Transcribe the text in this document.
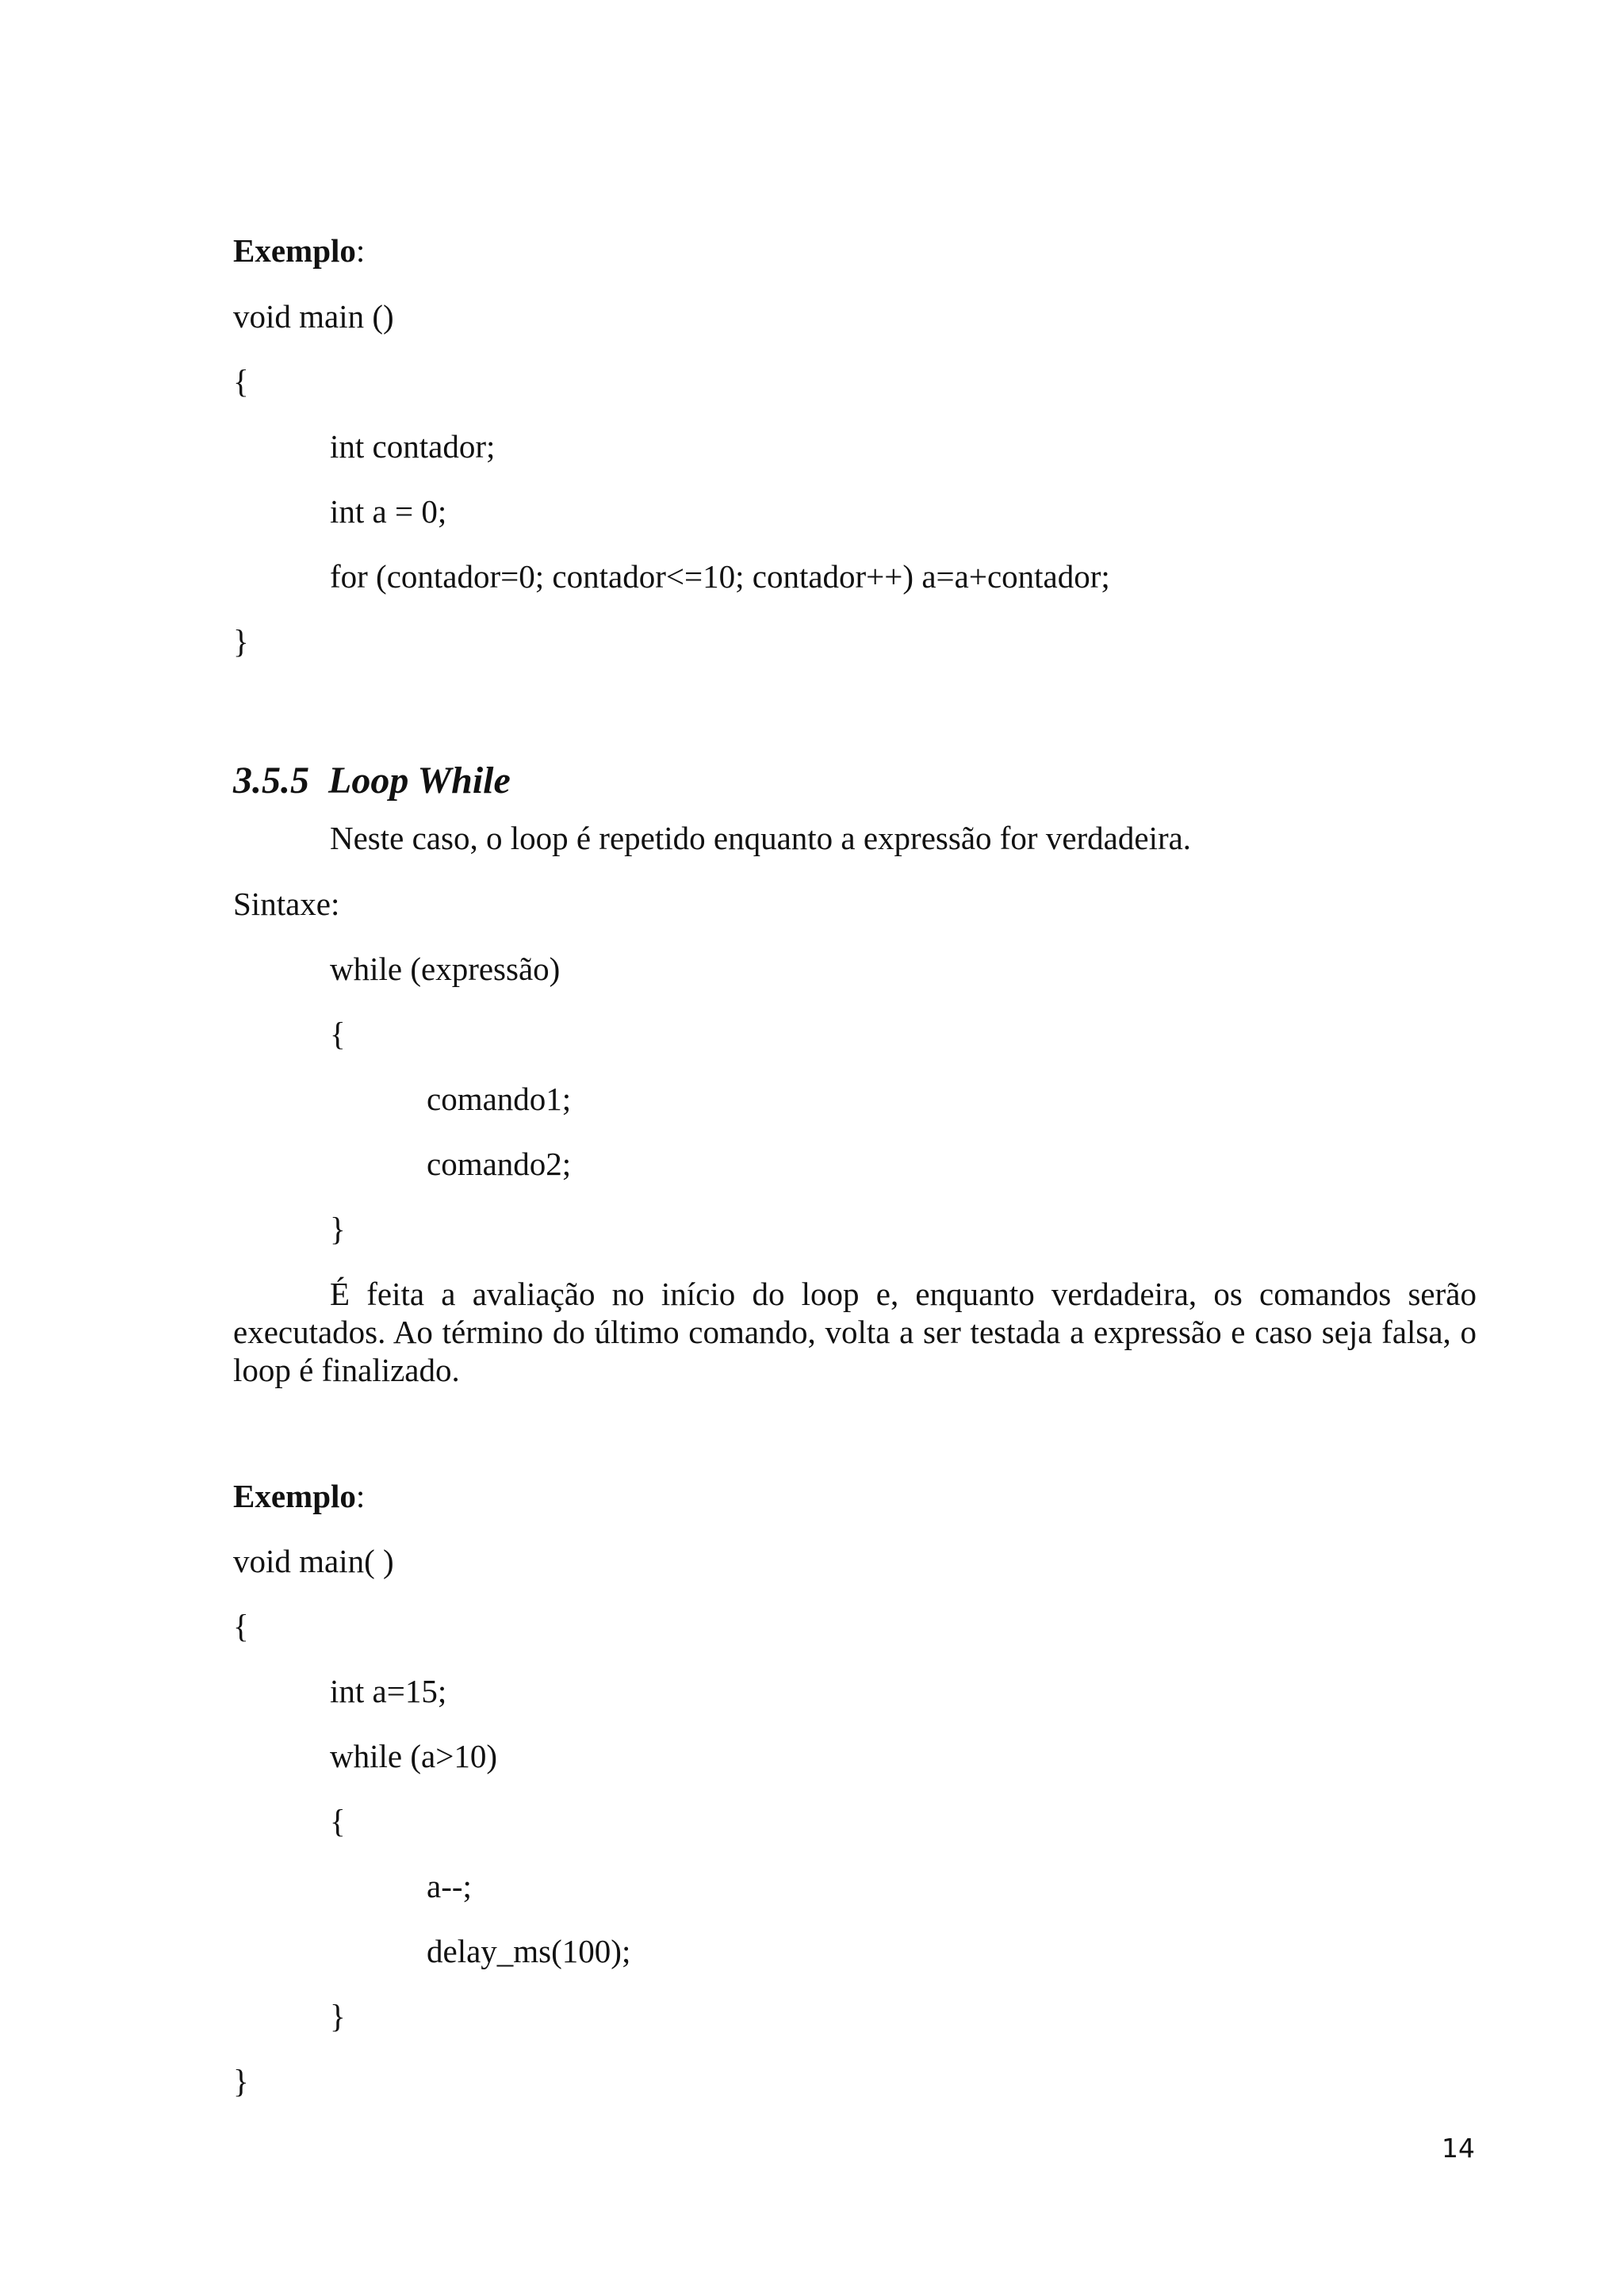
Exemplo:
void main ()
{
int contador;
int a = 0;
for (contador=0; contador<=10; contador++) a=a+contador;
}
3.5.5 Loop While
Neste caso, o loop é repetido enquanto a expressão for verdadeira.
Sintaxe:
while (expressão)
{
comando1;
comando2;
}
É feita a avaliação no início do loop e, enquanto verdadeira, os comandos serão executados. Ao término do último comando, volta a ser testada a expressão e caso seja falsa, o loop é finalizado.
Exemplo:
void main( )
{
int a=15;
while (a>10)
{
a--;
delay_ms(100);
}
}
14
